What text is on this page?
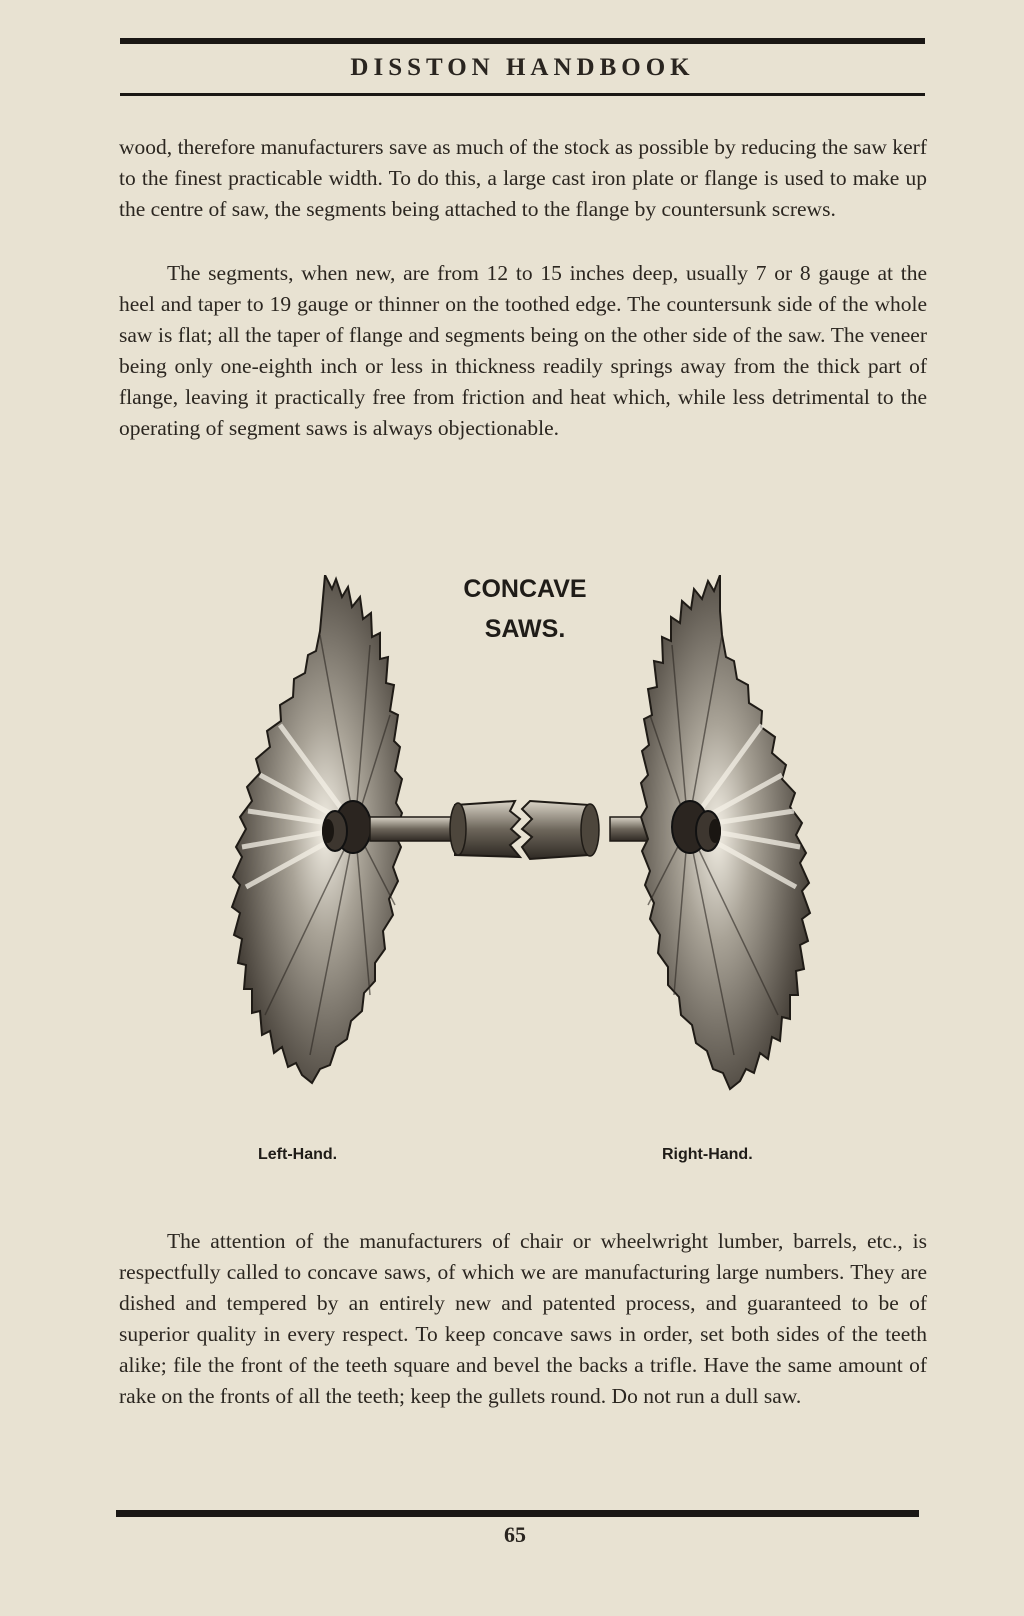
DISSTON HANDBOOK

wood, therefore manufacturers save as much of the stock as possible by reducing the saw kerf to the finest practicable width. To do this, a large cast iron plate or flange is used to make up the centre of saw, the segments being attached to the flange by countersunk screws.

The segments, when new, are from 12 to 15 inches deep, usually 7 or 8 gauge at the heel and taper to 19 gauge or thinner on the toothed edge. The countersunk side of the whole saw is flat; all the taper of flange and segments being on the other side of the saw. The veneer being only one-eighth inch or less in thickness readily springs away from the thick part of flange, leaving it practically free from friction and heat which, while less detrimental to the operating of segment saws is always objectionable.

CONCAVE
SAWS.
Left-Hand.	Right-Hand.

The attention of the manufacturers of chair or wheelwright lumber, barrels, etc., is respectfully called to concave saws, of which we are manufacturing large numbers. They are dished and tempered by an entirely new and patented process, and guaranteed to be of superior quality in every respect. To keep concave saws in order, set both sides of the teeth alike; file the front of the teeth square and bevel the backs a trifle. Have the same amount of rake on the fronts of all the teeth; keep the gullets round. Do not run a dull saw.

65
